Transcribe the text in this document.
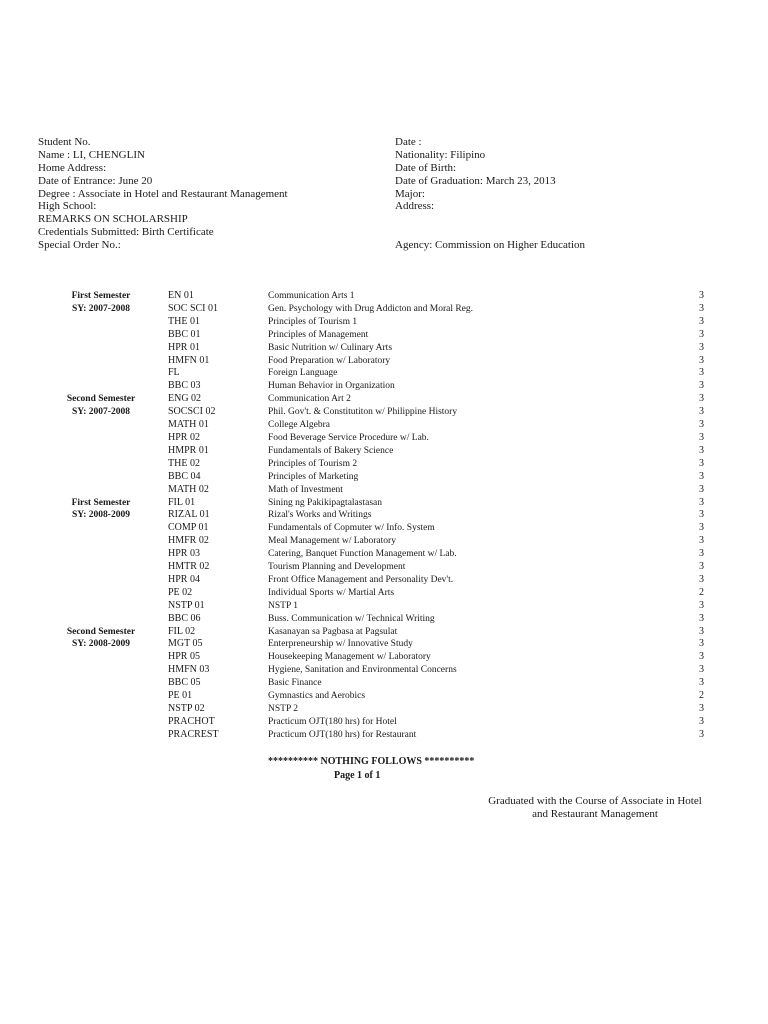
Student No.
Name : LI, CHENGLIN
Home Address:
Date of Entrance: June 20
Degree : Associate in Hotel and Restaurant Management
High School:
REMARKS ON SCHOLARSHIP
Credentials Submitted: Birth Certificate
Special Order No.:
Date :
Nationality: Filipino
Date of Birth:
Date of Graduation: March 23, 2013
Major:
Address:
Agency: Commission on Higher Education
First Semester	EN 01	Communication Arts 1	3
SY: 2007-2008	SOC SCI 01	Gen. Psychology with Drug Addicton and Moral Reg.	3
THE 01	Principles of Tourism 1	3
BBC 01	Principles of Management	3
HPR 01	Basic Nutrition w/ Culinary Arts	3
HMFN 01	Food Preparation w/ Laboratory	3
FL	Foreign Language	3
BBC 03	Human Behavior in Organization	3
Second Semester	ENG 02	Communication Art 2	3
SY: 2007-2008	SOCSCI 02	Phil. Gov't. & Constitutiton w/ Philippine History	3
MATH 01	College Algebra	3
HPR 02	Food Beverage Service Procedure w/ Lab.	3
HMPR 01	Fundamentals of Bakery Science	3
THE 02	Principles of Tourism 2	3
BBC 04	Principles of Marketing	3
MATH 02	Math of Investment	3
First Semester	FIL 01	Sining ng Pakikipagtalastasan	3
SY: 2008-2009	RIZAL 01	Rizal's Works and Writings	3
COMP 01	Fundamentals of Copmuter w/ Info. System	3
HMFR 02	Meal Management w/ Laboratory	3
HPR 03	Catering, Banquet Function Management w/ Lab.	3
HMTR 02	Tourism Planning and Development	3
HPR 04	Front Office Management and Personality Dev't.	3
PE 02	Individual Sports w/ Martial Arts	2
NSTP 01	NSTP 1	3
BBC 06	Buss. Communication w/ Technical Writing	3
Second Semester	FIL 02	Kasanayan sa Pagbasa at Pagsulat	3
SY: 2008-2009	MGT 05	Enterpreneurship w/ Innovative Study	3
HPR 05	Housekeeping Management w/ Laboratory	3
HMFN 03	Hygiene, Sanitation and Environmental Concerns	3
BBC 05	Basic Finance	3
PE 01	Gymnastics and Aerobics	2
NSTP 02	NSTP 2	3
PRACHOT	Practicum OJT(180 hrs) for Hotel	3
PRACREST	Practicum OJT(180 hrs) for Restaurant	3
********** NOTHING FOLLOWS **********
Page 1 of 1
Graduated with the Course of Associate in Hotel
and Restaurant Management
